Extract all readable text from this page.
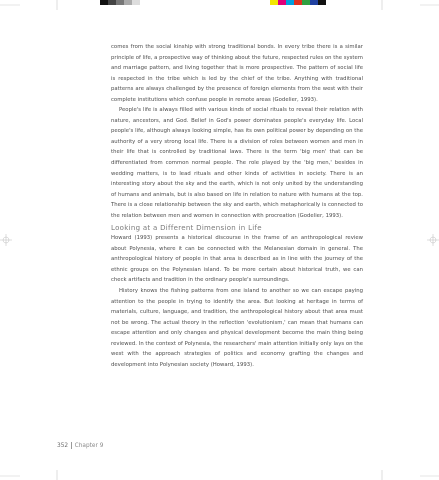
comes from the social kinship with strong traditional bonds. In every tribe there is a similar principle of life, a prospective way of thinking about the future, respected rules on the system and marriage pattern, and living together that is more prospective. The pattern of social life is respected in the tribe which is led by the chief of the tribe. Anything with traditional patterns are always challenged by the presence of foreign elements from the west with their complete institutions which confuse people in remote areas (Godelier, 1993).

People's life is always filled with various kinds of social rituals to reveal their relation with nature, ancestors, and God. Belief in God's power dominates people's everyday life. Local people's life, although always looking simple, has its own political power by depending on the authority of a very strong local life. There is a division of roles between women and men in their life that is controlled by traditional laws. There is the term 'big men' that can be differentiated from common normal people. The role played by the 'big men,' besides in wedding matters, is to lead rituals and other kinds of activities in society. There is an interesting story about the sky and the earth, which is not only united by the understanding of humans and animals, but is also based on life in relation to nature with humans at the top. There is a close relationship between the sky and earth, which metaphorically is connected to the relation between men and women in connection with procreation (Godelier, 1993).

Looking at a Different Dimension in Life

Howard (1993) presents a historical discourse in the frame of an anthropological review about Polynesia, where it can be connected with the Melanesian domain in general. The anthropological history of people in that area is described as in line with the journey of the ethnic groups on the Polynesian island. To be more certain about historical truth, we can check artifacts and tradition in the ordinary people's surroundings.

History knows the fishing patterns from one island to another so we can escape paying attention to the people in trying to identify the area. But looking at heritage in terms of materials, culture, language, and tradition, the anthropological history about that area must not be wrong. The actual theory in the reflection 'evolutionism,' can mean that humans can escape attention and only changes and physical development become the main thing being reviewed. In the context of Polynesia, the researchers' main attention initially only lays on the west with the approach strategies of politics and economy grafting the changes and development into Polynesian society (Howard, 1993).

352 Chapter 9
